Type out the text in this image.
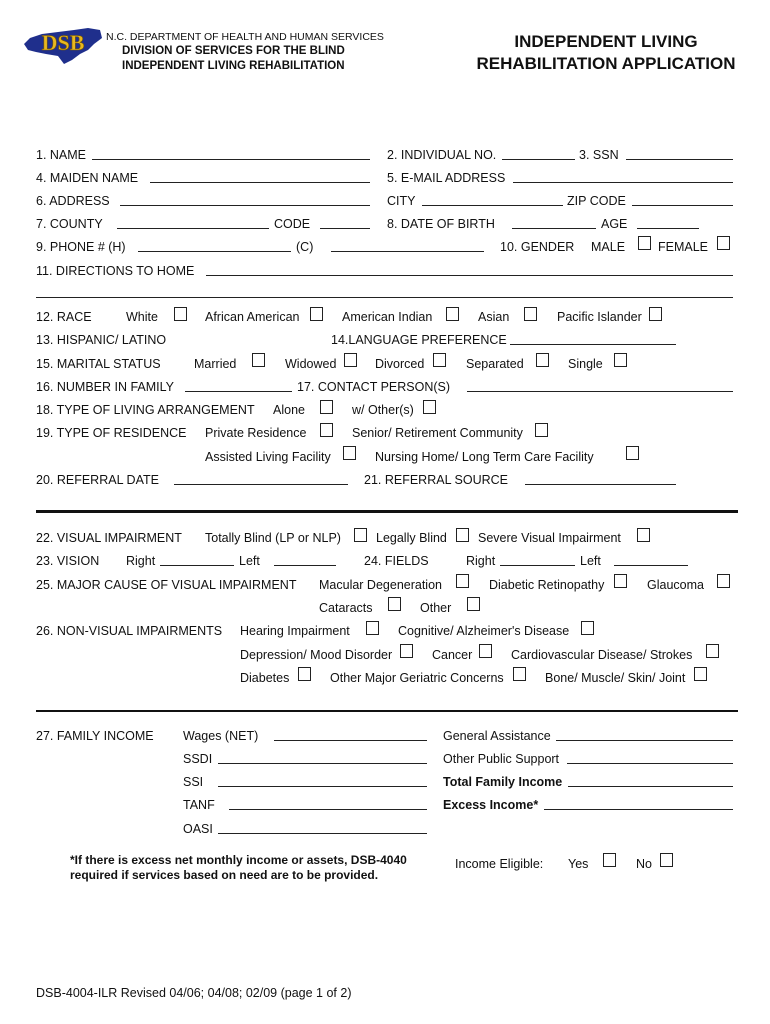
DSB N.C. DEPARTMENT OF HEALTH AND HUMAN SERVICES
DIVISION OF SERVICES FOR THE BLIND
INDEPENDENT LIVING REHABILITATION
INDEPENDENT LIVING
REHABILITATION APPLICATION
1. NAME	2. INDIVIDUAL NO.	3. SSN
4. MAIDEN NAME	5. E-MAIL ADDRESS
6. ADDRESS	CITY	ZIP CODE
7. COUNTY	CODE	8. DATE OF BIRTH	AGE
9. PHONE # (H)	(C)	10. GENDER MALE	FEMALE
11. DIRECTIONS TO HOME
12. RACE	White	African American	American Indian	Asian	Pacific Islander
13. HISPANIC/ LATINO	14.LANGUAGE PREFERENCE
15. MARITAL STATUS	Married	Widowed	Divorced	Separated	Single
16. NUMBER IN FAMILY	17. CONTACT PERSON(S)
18. TYPE OF LIVING ARRANGEMENT Alone	w/ Other(s)
19. TYPE OF RESIDENCE Private Residence	Senior/ Retirement Community
Assisted Living Facility	Nursing Home/ Long Term Care Facility
20. REFERRAL DATE	21. REFERRAL SOURCE
22. VISUAL IMPAIRMENT Totally Blind (LP or NLP)	Legally Blind Severe Visual Impairment
23. VISION Right	Left	24. FIELDS	Right	Left
25. MAJOR CAUSE OF VISUAL IMPAIRMENT Macular Degeneration	Diabetic Retinopathy	Glaucoma
Cataracts	Other
26. NON-VISUAL IMPAIRMENTS Hearing Impairment	Cognitive/ Alzheimer's Disease
Depression/ Mood Disorder	Cancer	Cardiovascular Disease/ Strokes
Diabetes	Other Major Geriatric Concerns	Bone/ Muscle/ Skin/ Joint
27. FAMILY INCOME Wages (NET)	General Assistance
SSDI	Other Public Support
SSI	Total Family Income
TANF	Excess Income*
OASI
*If there is excess net monthly income or assets, DSB-4040
required if services based on need are to be provided.
Income Eligible: Yes	No
DSB-4004-ILR Revised 04/06; 04/08; 02/09 (page 1 of 2)
